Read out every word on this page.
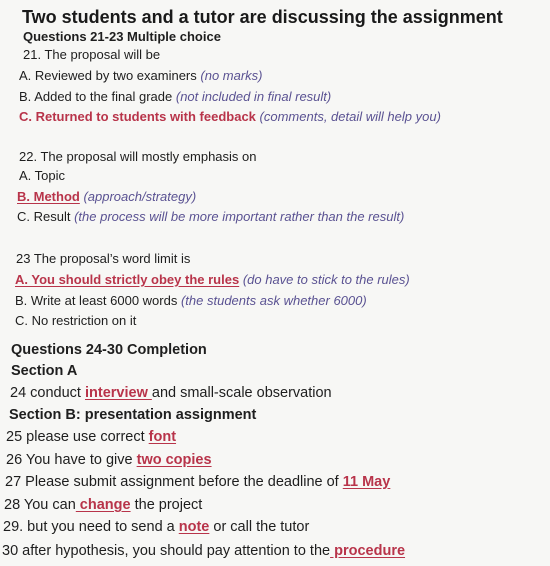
Two students and a tutor are discussing the assignment
Questions 21-23 Multiple choice
21. The proposal will be
A. Reviewed by two examiners (no marks)
B. Added to the final grade (not included in final result)
C. Returned to students with feedback (comments, detail will help you)
22. The proposal will mostly emphasis on
A. Topic
B. Method (approach/strategy)
C. Result (the process will be more important rather than the result)
23 The proposal’s word limit is
A. You should strictly obey the rules (do have to stick to the rules)
B. Write at least 6000 words (the students ask whether 6000)
C. No restriction on it
Questions 24-30 Completion
Section A
24 conduct interview and small-scale observation
Section B: presentation assignment
25 please use correct font
26 You have to give two copies
27 Please submit assignment before the deadline of 11 May
28 You can change the project
29. but you need to send a note or call the tutor
30 after hypothesis, you should pay attention to the procedure
